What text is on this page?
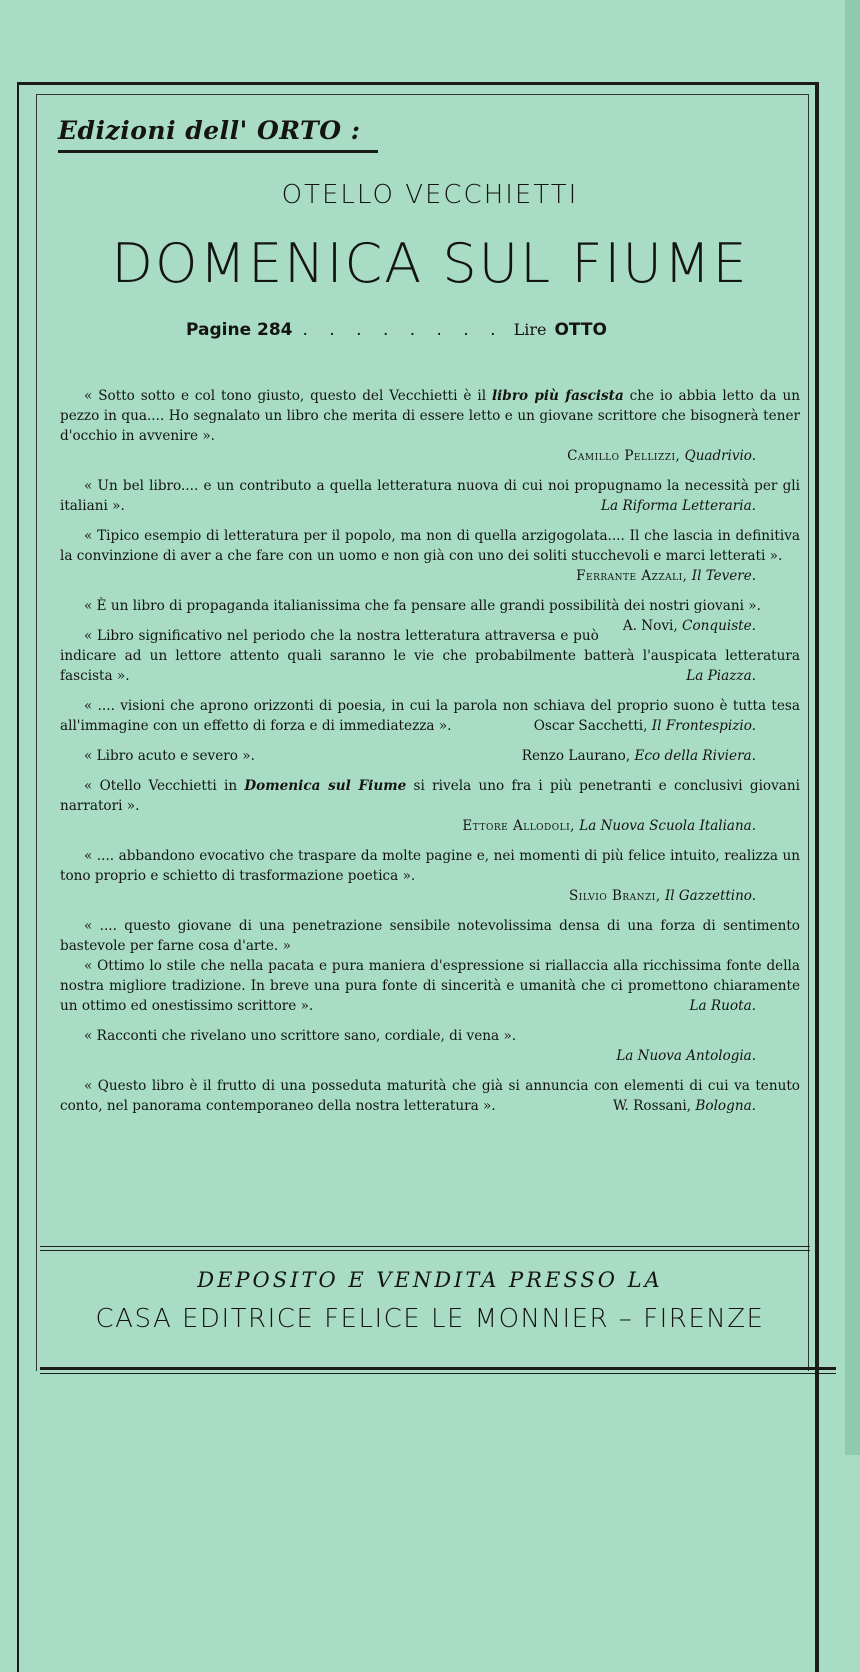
Edizioni dell' ORTO :
OTELLO VECCHIETTI
DOMENICA SUL FIUME
Pagine 284 . . . . . . . . Lire OTTO

« Sotto sotto e col tono giusto, questo del Vecchietti è il libro più fascista che io abbia letto da un pezzo in qua.... Ho segnalato un libro che merita di essere letto e un giovane scrittore che bisognerà tener d'occhio in avvenire ».

Camillo Pellizzi, Quadrivio.

« Un bel libro.... e un contributo a quella letteratura nuova di cui noi propugnamo la necessità per gli italiani ».	La Riforma Letteraria.

« Tipico esempio di letteratura per il popolo, ma non di quella arzigogolata.... Il che lascia in definitiva la convinzione di aver a che fare con un uomo e non già con uno dei soliti stucchevoli e marci letterati ».

Ferrante Azzali, Il Tevere.

« È un libro di propaganda italianissima che fa pensare alle grandi possibilità dei nostri giovani ».
A. Novi, Conquiste.

« Libro significativo nel periodo che la nostra letteratura attraversa e può indicare ad un lettore attento quali saranno le vie che probabilmente batterà l'auspicata letteratura fascista ».	La Piazza.

« .... visioni che aprono orizzonti di poesia, in cui la parola non schiava del proprio suono è tutta tesa all'immagine con un effetto di forza e di immediatezza ».	Oscar Sacchetti, Il Frontespizio.

« Libro acuto e severo ».	Renzo Laurano, Eco della Riviera.

« Otello Vecchietti in Domenica sul Fiume si rivela uno fra i più penetranti e conclusivi giovani narratori ».

Ettore Allodoli, La Nuova Scuola Italiana.

« .... abbandono evocativo che traspare da molte pagine e, nei momenti di più felice intuito, realizza un tono proprio e schietto di trasformazione poetica ».

Silvio Branzi, Il Gazzettino.

« .... questo giovane di una penetrazione sensibile notevolissima densa di una forza di sentimento bastevole per farne cosa d'arte. »

« Ottimo lo stile che nella pacata e pura maniera d'espressione si riallaccia alla ricchissima fonte della nostra migliore tradizione. In breve una pura fonte di sincerità e umanità che ci promettono chiaramente un ottimo ed onestissimo scrittore ».	La Ruota.

« Racconti che rivelano uno scrittore sano, cordiale, di vena ».

La Nuova Antologia.

« Questo libro è il frutto di una posseduta maturità che già si annuncia con elementi di cui va tenuto conto, nel panorama contemporaneo della nostra letteratura ».	W. Rossani, Bologna.

DEPOSITO E VENDITA PRESSO LA
CASA EDITRICE FELICE LE MONNIER – FIRENZE
